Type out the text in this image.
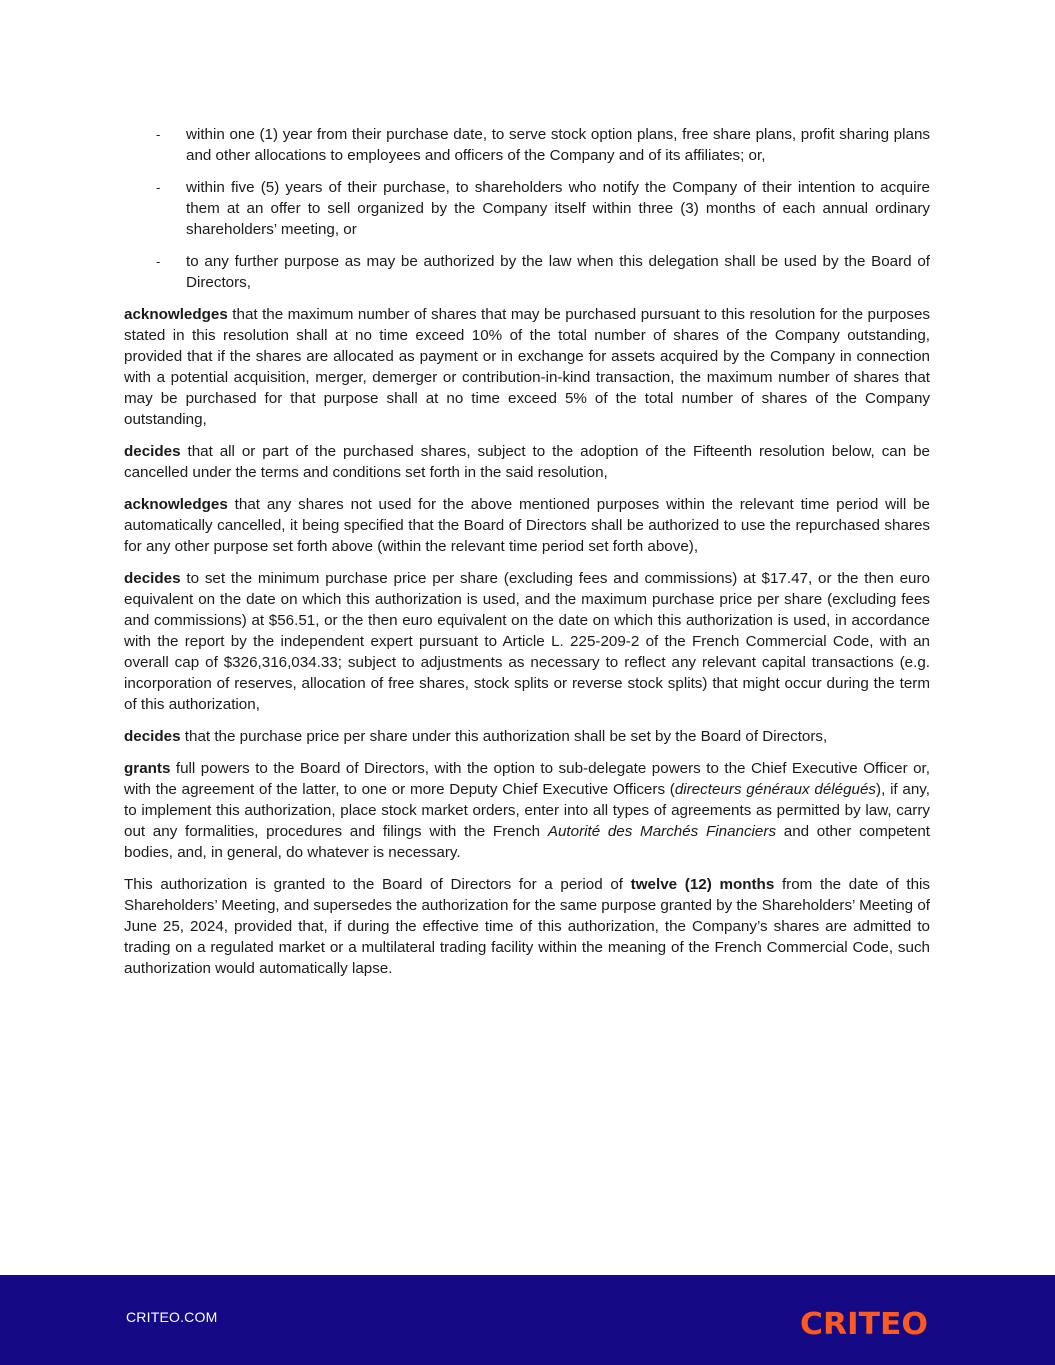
-	within one (1) year from their purchase date, to serve stock option plans, free share plans, profit sharing plans and other allocations to employees and officers of the Company and of its affiliates; or,
-	within five (5) years of their purchase, to shareholders who notify the Company of their intention to acquire them at an offer to sell organized by the Company itself within three (3) months of each annual ordinary shareholders’ meeting, or
-	to any further purpose as may be authorized by the law when this delegation shall be used by the Board of Directors,

acknowledges that the maximum number of shares that may be purchased pursuant to this resolution for the purposes stated in this resolution shall at no time exceed 10% of the total number of shares of the Company outstanding, provided that if the shares are allocated as payment or in exchange for assets acquired by the Company in connection with a potential acquisition, merger, demerger or contribution-in-kind transaction, the maximum number of shares that may be purchased for that purpose shall at no time exceed 5% of the total number of shares of the Company outstanding,

decides that all or part of the purchased shares, subject to the adoption of the Fifteenth resolution below, can be cancelled under the terms and conditions set forth in the said resolution,

acknowledges that any shares not used for the above mentioned purposes within the relevant time period will be automatically cancelled, it being specified that the Board of Directors shall be authorized to use the repurchased shares for any other purpose set forth above (within the relevant time period set forth above),

decides to set the minimum purchase price per share (excluding fees and commissions) at $17.47, or the then euro equivalent on the date on which this authorization is used, and the maximum purchase price per share (excluding fees and commissions) at $56.51, or the then euro equivalent on the date on which this authorization is used, in accordance with the report by the independent expert pursuant to Article L. 225-209-2 of the French Commercial Code, with an overall cap of $326,316,034.33; subject to adjustments as necessary to reflect any relevant capital transactions (e.g. incorporation of reserves, allocation of free shares, stock splits or reverse stock splits) that might occur during the term of this authorization,

decides that the purchase price per share under this authorization shall be set by the Board of Directors,

grants full powers to the Board of Directors, with the option to sub-delegate powers to the Chief Executive Officer or, with the agreement of the latter, to one or more Deputy Chief Executive Officers (directeurs généraux délégués), if any, to implement this authorization, place stock market orders, enter into all types of agreements as permitted by law, carry out any formalities, procedures and filings with the French Autorité des Marchés Financiers and other competent bodies, and, in general, do whatever is necessary.

This authorization is granted to the Board of Directors for a period of twelve (12) months from the date of this Shareholders’ Meeting, and supersedes the authorization for the same purpose granted by the Shareholders’ Meeting of June 25, 2024, provided that, if during the effective time of this authorization, the Company’s shares are admitted to trading on a regulated market or a multilateral trading facility within the meaning of the French Commercial Code, such authorization would automatically lapse.

CRITEO.COM	CRITEO
